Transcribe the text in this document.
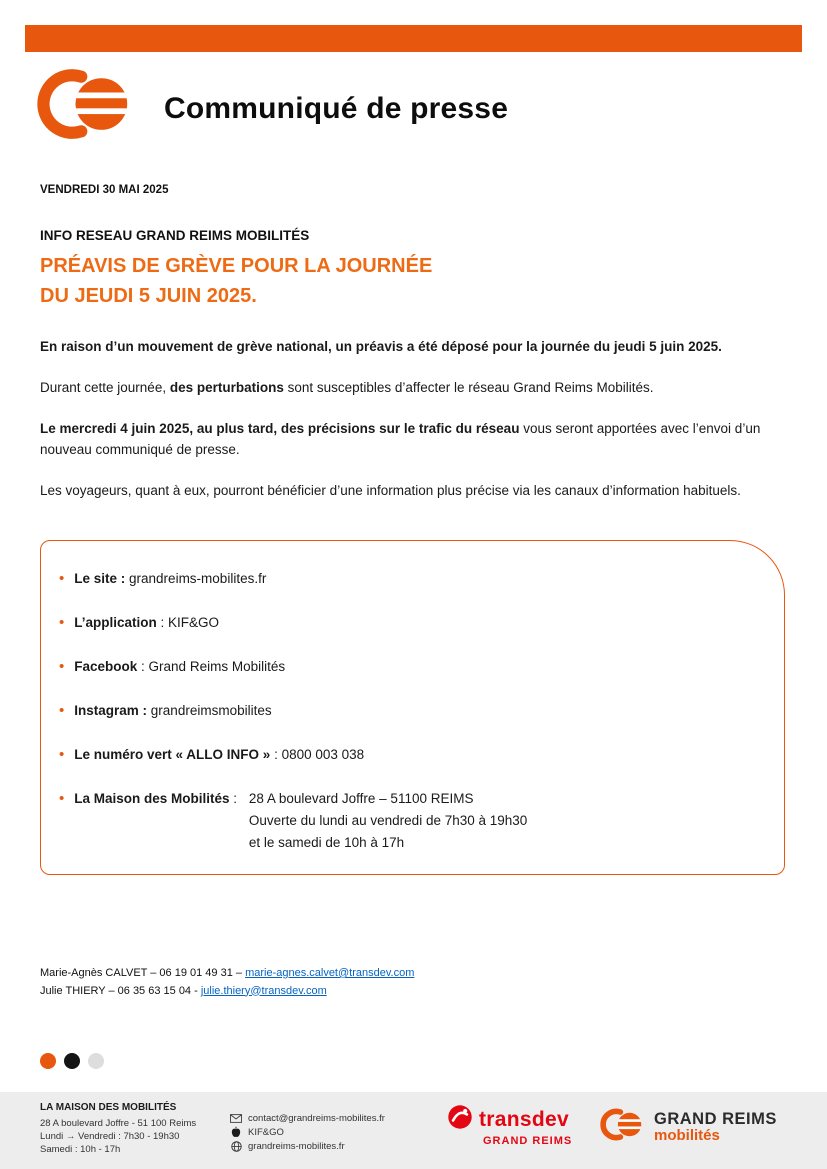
Communiqué de presse
VENDREDI 30 MAI 2025
INFO RESEAU GRAND REIMS MOBILITÉS
PRÉAVIS DE GRÈVE POUR LA JOURNÉE
DU JEUDI 5 JUIN 2025.

En raison d’un mouvement de grève national, un préavis a été déposé pour la journée du jeudi 5 juin 2025.

Durant cette journée, des perturbations sont susceptibles d’affecter le réseau Grand Reims Mobilités.

Le mercredi 4 juin 2025, au plus tard, des précisions sur le trafic du réseau vous seront apportées avec l’envoi d’un nouveau communiqué de presse.

Les voyageurs, quant à eux, pourront bénéficier d’une information plus précise via les canaux d’information habituels.

• Le site : grandreims-mobilites.fr
• L’application : KIF&GO
• Facebook : Grand Reims Mobilités
• Instagram : grandreimsmobilites
• Le numéro vert « ALLO INFO » : 0800 003 038
• La Maison des Mobilités : 28 A boulevard Joffre – 51100 REIMS
Ouverte du lundi au vendredi de 7h30 à 19h30
et le samedi de 10h à 17h
Marie-Agnès CALVET – 06 19 01 49 31 – marie-agnes.calvet@transdev.com
Julie THIERY – 06 35 63 15 04 - julie.thiery@transdev.com
LA MAISON DES MOBILITÉS
28 A boulevard Joffre - 51 100 Reims
Lundi → Vendredi : 7h30 - 19h30
Samedi : 10h - 17h
contact@grandreims-mobilites.fr
KIF&GO
grandreims-mobilites.fr
transdev
GRAND REIMS
GRAND REIMS
mobilités
